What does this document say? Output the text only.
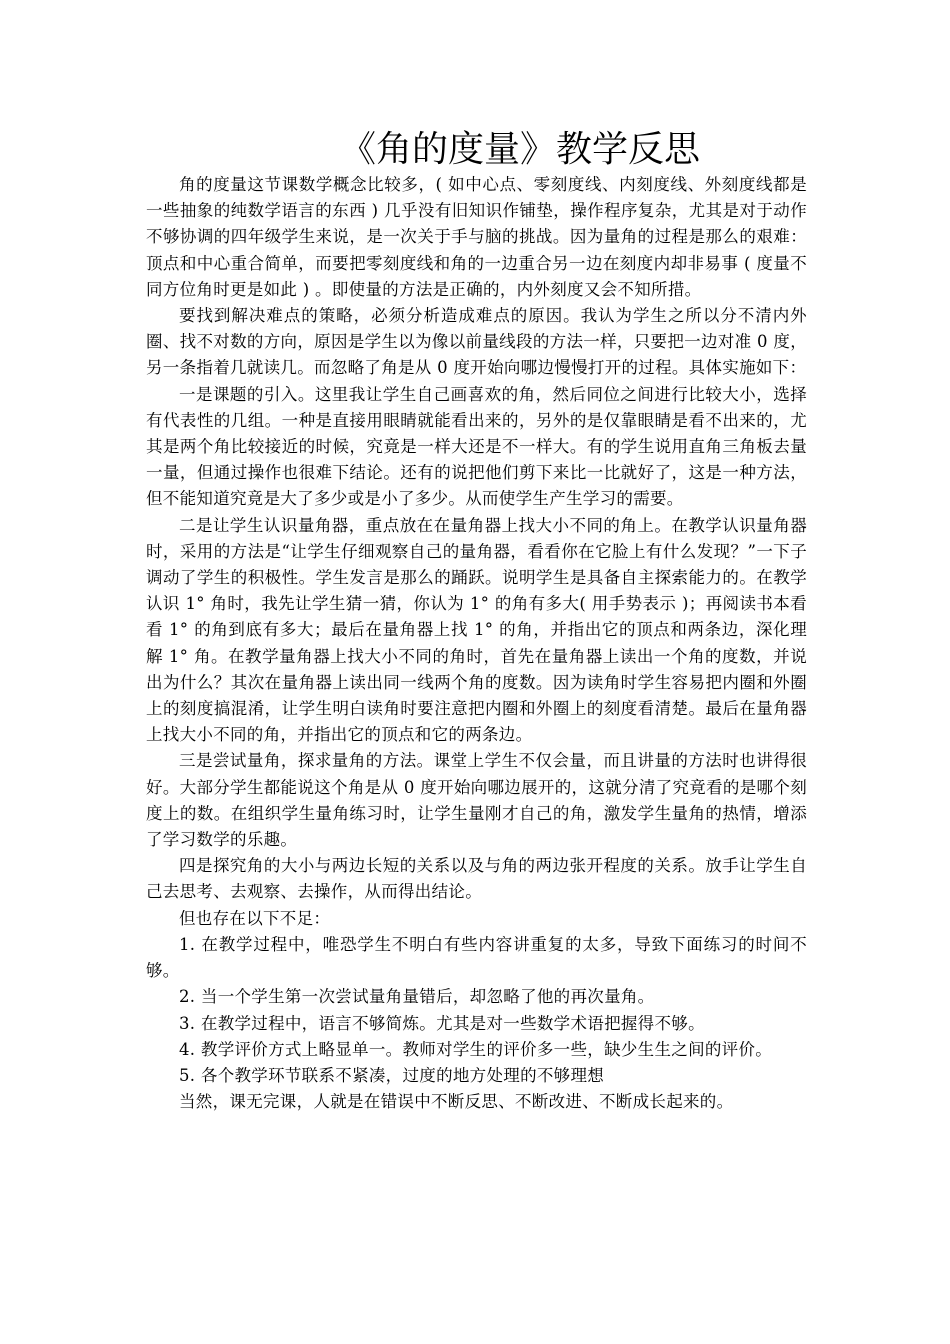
《角的度量》教学反思

角的度量这节课数学概念比较多，( 如中心点、零刻度线、内刻度线、外刻度线都是一些抽象的纯数学语言的东西 ) 几乎没有旧知识作铺垫，操作程序复杂，尤其是对于动作不够协调的四年级学生来说，是一次关于手与脑的挑战。因为量角的过程是那么的艰难：顶点和中心重合简单，而要把零刻度线和角的一边重合另一边在刻度内却非易事 ( 度量不同方位角时更是如此 ) 。即使量的方法是正确的，内外刻度又会不知所措。

要找到解决难点的策略，必须分析造成难点的原因。我认为学生之所以分不清内外圈、找不对数的方向，原因是学生以为像以前量线段的方法一样，只要把一边对准 0 度，另一条指着几就读几。而忽略了角是从 0 度开始向哪边慢慢打开的过程。具体实施如下：

一是课题的引入。这里我让学生自己画喜欢的角，然后同位之间进行比较大小，选择有代表性的几组。一种是直接用眼睛就能看出来的，另外的是仅靠眼睛是看不出来的，尤其是两个角比较接近的时候，究竟是一样大还是不一样大。有的学生说用直角三角板去量一量，但通过操作也很难下结论。还有的说把他们剪下来比一比就好了，这是一种方法，但不能知道究竟是大了多少或是小了多少。从而使学生产生学习的需要。

二是让学生认识量角器，重点放在在量角器上找大小不同的角上。在教学认识量角器时，采用的方法是“让学生仔细观察自己的量角器，看看你在它脸上有什么发现？”一下子调动了学生的积极性。学生发言是那么的踊跃。说明学生是具备自主探索能力的。在教学认识 1° 角时，我先让学生猜一猜，你认为 1° 的角有多大( 用手势表示 )；再阅读书本看看 1° 的角到底有多大；最后在量角器上找 1° 的角，并指出它的顶点和两条边，深化理解 1° 角。在教学量角器上找大小不同的角时，首先在量角器上读出一个角的度数，并说出为什么？其次在量角器上读出同一线两个角的度数。因为读角时学生容易把内圈和外圈上的刻度搞混淆，让学生明白读角时要注意把内圈和外圈上的刻度看清楚。最后在量角器上找大小不同的角，并指出它的顶点和它的两条边。

三是尝试量角，探求量角的方法。课堂上学生不仅会量，而且讲量的方法时也讲得很好。大部分学生都能说这个角是从 0 度开始向哪边展开的，这就分清了究竟看的是哪个刻度上的数。在组织学生量角练习时，让学生量刚才自己的角，激发学生量角的热情，增添了学习数学的乐趣。

四是探究角的大小与两边长短的关系以及与角的两边张开程度的关系。放手让学生自己去思考、去观察、去操作，从而得出结论。

但也存在以下不足：

1. 在教学过程中，唯恐学生不明白有些内容讲重复的太多，导致下面练习的时间不够。

2. 当一个学生第一次尝试量角量错后，却忽略了他的再次量角。

3. 在教学过程中，语言不够简炼。尤其是对一些数学术语把握得不够。

4. 教学评价方式上略显单一。教师对学生的评价多一些，缺少生生之间的评价。

5. 各个教学环节联系不紧凑，过度的地方处理的不够理想

当然，课无完课，人就是在错误中不断反思、不断改进、不断成长起来的。
